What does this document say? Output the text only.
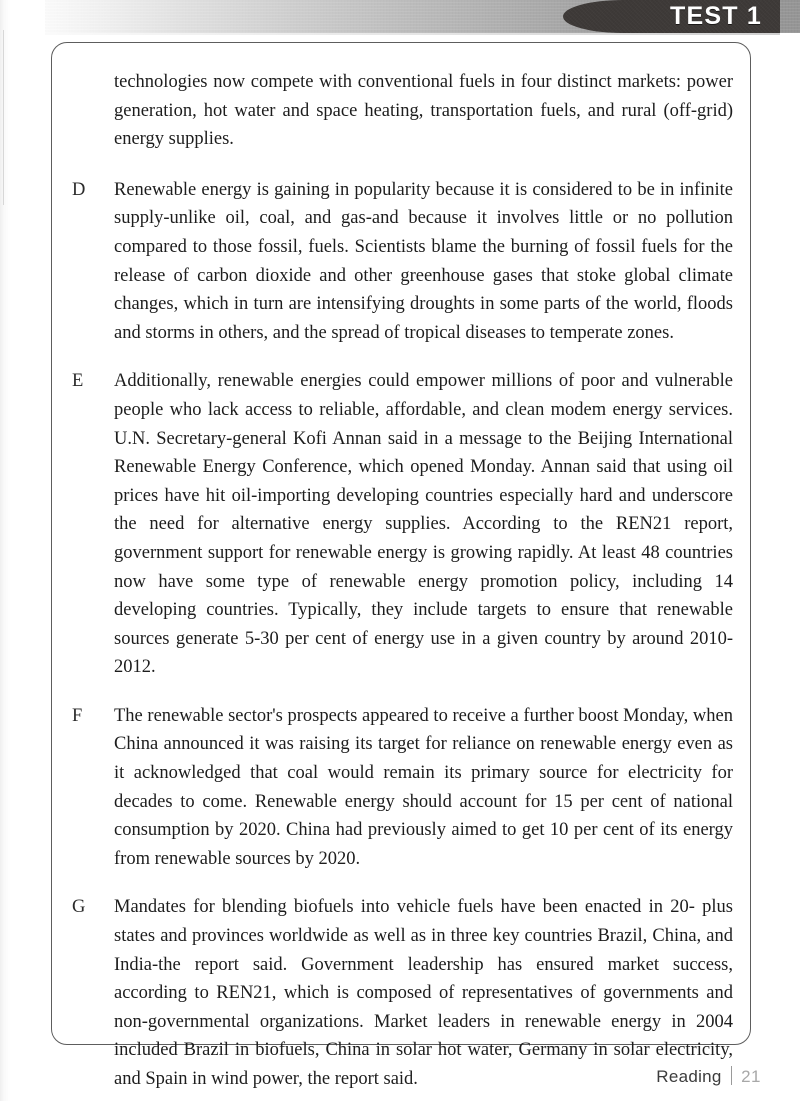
TEST 1
technologies now compete with conventional fuels in four distinct markets: power generation, hot water and space heating, transportation fuels, and rural (off-grid) energy supplies.
D	Renewable energy is gaining in popularity because it is considered to be in infinite supply-unlike oil, coal, and gas-and because it involves little or no pollution compared to those fossil, fuels. Scientists blame the burning of fossil fuels for the release of carbon dioxide and other greenhouse gases that stoke global climate changes, which in turn are intensifying droughts in some parts of the world, floods and storms in others, and the spread of tropical diseases to temperate zones.
E	Additionally, renewable energies could empower millions of poor and vulnerable people who lack access to reliable, affordable, and clean modem energy services. U.N. Secretary-general Kofi Annan said in a message to the Beijing International Renewable Energy Conference, which opened Monday. Annan said that using oil prices have hit oil-importing developing countries especially hard and underscore the need for alternative energy supplies. According to the REN21 report, government support for renewable energy is growing rapidly. At least 48 countries now have some type of renewable energy promotion policy, including 14 developing countries. Typically, they include targets to ensure that renewable sources generate 5-30 per cent of energy use in a given country by around 2010-2012.
F	The renewable sector's prospects appeared to receive a further boost Monday, when China announced it was raising its target for reliance on renewable energy even as it acknowledged that coal would remain its primary source for electricity for decades to come. Renewable energy should account for 15 per cent of national consumption by 2020. China had previously aimed to get 10 per cent of its energy from renewable sources by 2020.
G	Mandates for blending biofuels into vehicle fuels have been enacted in 20- plus states and provinces worldwide as well as in three key countries Brazil, China, and India-the report said. Government leadership has ensured market success, according to REN21, which is composed of representatives of governments and non-governmental organizations. Market leaders in renewable energy in 2004 included Brazil in biofuels, China in solar hot water, Germany in solar electricity, and Spain in wind power, the report said.	Reading 21
